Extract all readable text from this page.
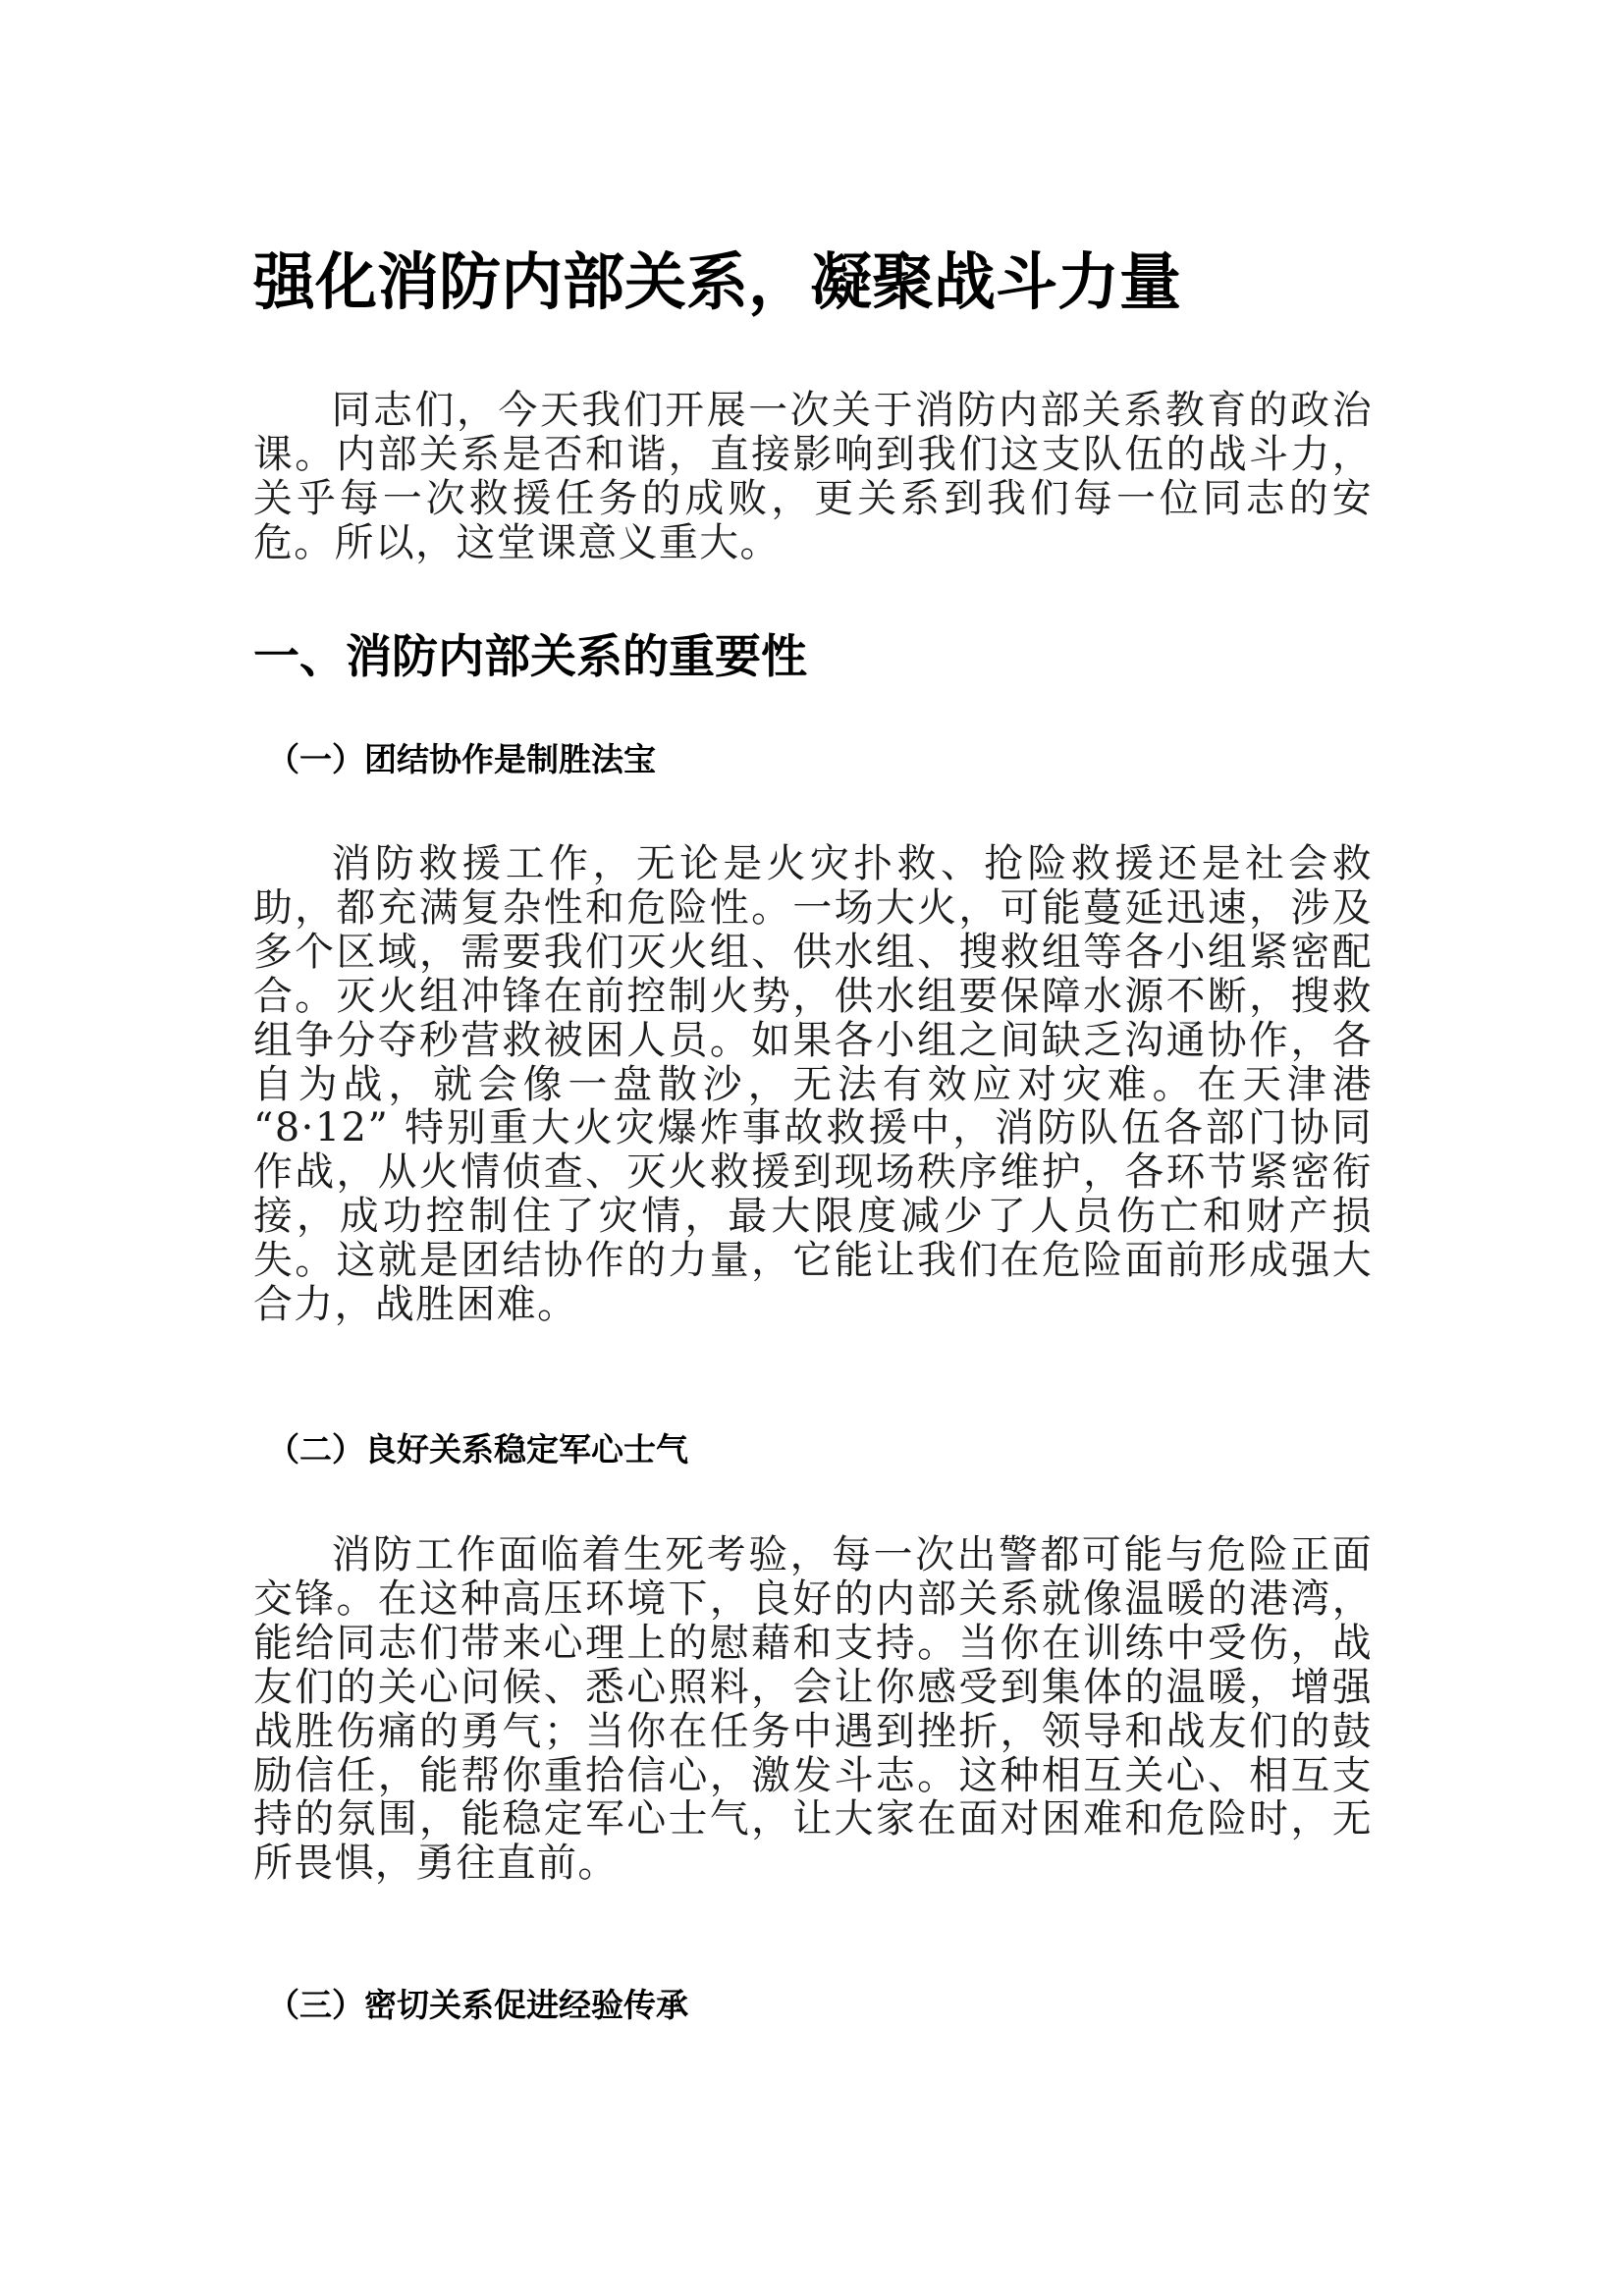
强化消防内部关系，凝聚战斗力量

同志们，今天我们开展一次关于消防内部关系教育的政治课。内部关系是否和谐，直接影响到我们这支队伍的战斗力，关乎每一次救援任务的成败，更关系到我们每一位同志的安危。所以，这堂课意义重大。

一、消防内部关系的重要性
（一）团结协作是制胜法宝

消防救援工作，无论是火灾扑救、抢险救援还是社会救助，都充满复杂性和危险性。一场大火，可能蔓延迅速，涉及多个区域，需要我们灭火组、供水组、搜救组等各小组紧密配合。灭火组冲锋在前控制火势，供水组要保障水源不断，搜救组争分夺秒营救被困人员。如果各小组之间缺乏沟通协作，各自为战，就会像一盘散沙，无法有效应对灾难。在天津港 “8·12” 特别重大火灾爆炸事故救援中，消防队伍各部门协同作战，从火情侦查、灭火救援到现场秩序维护，各环节紧密衔接，成功控制住了灾情，最大限度减少了人员伤亡和财产损失。这就是团结协作的力量，它能让我们在危险面前形成强大合力，战胜困难。

（二）良好关系稳定军心士气

消防工作面临着生死考验，每一次出警都可能与危险正面交锋。在这种高压环境下，良好的内部关系就像温暖的港湾，能给同志们带来心理上的慰藉和支持。当你在训练中受伤，战友们的关心问候、悉心照料，会让你感受到集体的温暖，增强战胜伤痛的勇气；当你在任务中遇到挫折，领导和战友们的鼓励信任，能帮你重拾信心，激发斗志。这种相互关心、相互支持的氛围，能稳定军心士气，让大家在面对困难和危险时，无所畏惧，勇往直前。

（三）密切关系促进经验传承
